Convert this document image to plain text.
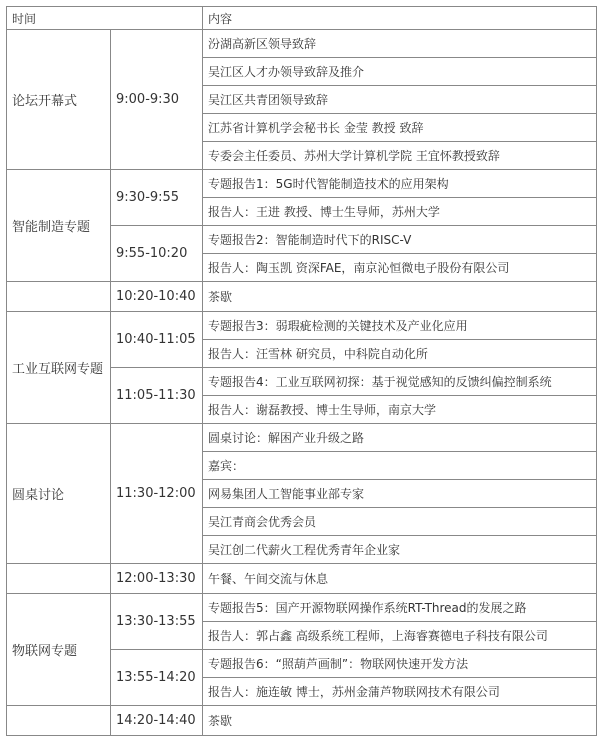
时间		内容
论坛开幕式	9:00-9:30	汾湖高新区领导致辞
		吴江区人才办领导致辞及推介
		吴江区共青团领导致辞
		江苏省计算机学会秘书长 金莹 教授 致辞
		专委会主任委员、苏州大学计算机学院 王宜怀教授致辞
智能制造专题	9:30-9:55	专题报告1：5G时代智能制造技术的应用架构
		报告人：王进 教授、博士生导师，苏州大学
	9:55-10:20	专题报告2：智能制造时代下的RISC-V
		报告人：陶玉凯 资深FAE，南京沁恒微电子股份有限公司
	10:20-10:40	茶歇
工业互联网专题	10:40-11:05	专题报告3：弱瑕疵检测的关键技术及产业化应用
		报告人：汪雪林 研究员，中科院自动化所
	11:05-11:30	专题报告4：工业互联网初探：基于视觉感知的反馈纠偏控制系统
		报告人：谢磊教授、博士生导师，南京大学
圆桌讨论	11:30-12:00	圆桌讨论：解困产业升级之路
		嘉宾：
		网易集团人工智能事业部专家
		吴江青商会优秀会员
		吴江创二代薪火工程优秀青年企业家
	12:00-13:30	午餐、午间交流与休息
物联网专题	13:30-13:55	专题报告5：国产开源物联网操作系统RT-Thread的发展之路
		报告人：郭占鑫 高级系统工程师，上海睿赛德电子科技有限公司
	13:55-14:20	专题报告6：“照葫芦画制”：物联网快速开发方法
		报告人：施连敏 博士，苏州金蒲芦物联网技术有限公司
	14:20-14:40	茶歇
